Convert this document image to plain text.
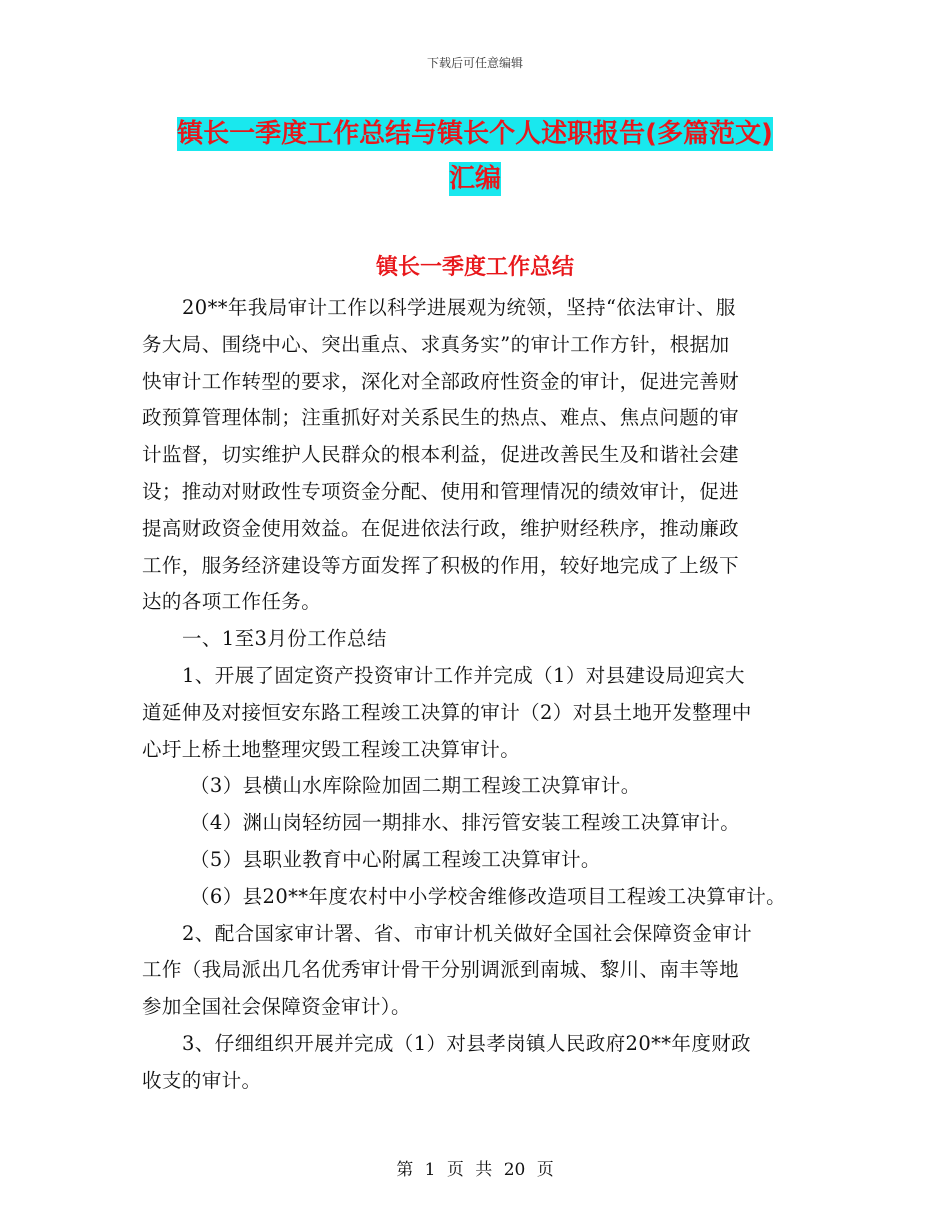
下载后可任意编辑
镇长一季度工作总结与镇长个人述职报告(多篇范文)
汇编
镇长一季度工作总结
20**年我局审计工作以科学进展观为统领，坚持“依法审计、服
务大局、围绕中心、突出重点、求真务实”的审计工作方针，根据加
快审计工作转型的要求，深化对全部政府性资金的审计，促进完善财
政预算管理体制；注重抓好对关系民生的热点、难点、焦点问题的审
计监督，切实维护人民群众的根本利益，促进改善民生及和谐社会建
设；推动对财政性专项资金分配、使用和管理情况的绩效审计，促进
提高财政资金使用效益。在促进依法行政，维护财经秩序，推动廉政
工作，服务经济建设等方面发挥了积极的作用，较好地完成了上级下
达的各项工作任务。
一、1至3月份工作总结
1、开展了固定资产投资审计工作并完成（1）对县建设局迎宾大
道延伸及对接恒安东路工程竣工决算的审计（2）对县土地开发整理中
心圩上桥土地整理灾毁工程竣工决算审计。
（3）县横山水库除险加固二期工程竣工决算审计。
（4）渊山岗轻纺园一期排水、排污管安装工程竣工决算审计。
（5）县职业教育中心附属工程竣工决算审计。
（6）县20**年度农村中小学校舍维修改造项目工程竣工决算审计。
2、配合国家审计署、省、市审计机关做好全国社会保障资金审计
工作（我局派出几名优秀审计骨干分别调派到南城、黎川、南丰等地
参加全国社会保障资金审计）。
3、仔细组织开展并完成（1）对县孝岗镇人民政府20**年度财政
收支的审计。
第 1 页 共 20 页
